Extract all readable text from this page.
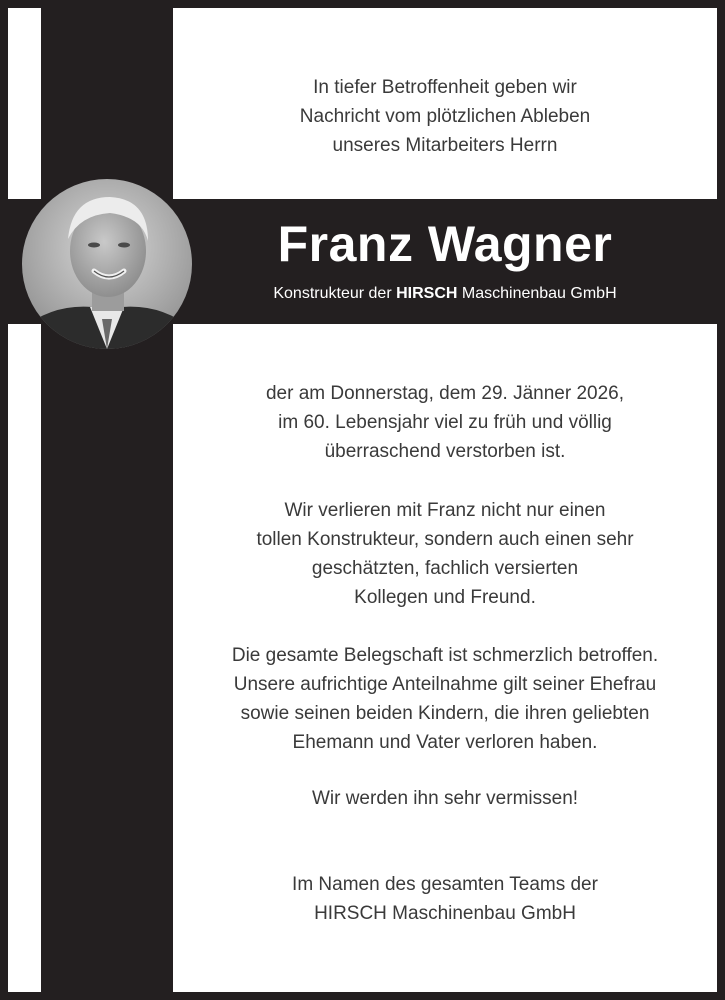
In tiefer Betroffenheit geben wir
Nachricht vom plötzlichen Ableben
unseres Mitarbeiters Herrn
Franz Wagner
Konstrukteur der HIRSCH Maschinenbau GmbH
der am Donnerstag, dem 29. Jänner 2026,
im 60. Lebensjahr viel zu früh und völlig
überraschend verstorben ist.
Wir verlieren mit Franz nicht nur einen
tollen Konstrukteur, sondern auch einen sehr
geschätzten, fachlich versierten
Kollegen und Freund.
Die gesamte Belegschaft ist schmerzlich betroffen.
Unsere aufrichtige Anteilnahme gilt seiner Ehefrau
sowie seinen beiden Kindern, die ihren geliebten
Ehemann und Vater verloren haben.
Wir werden ihn sehr vermissen!
Im Namen des gesamten Teams der
HIRSCH Maschinenbau GmbH
